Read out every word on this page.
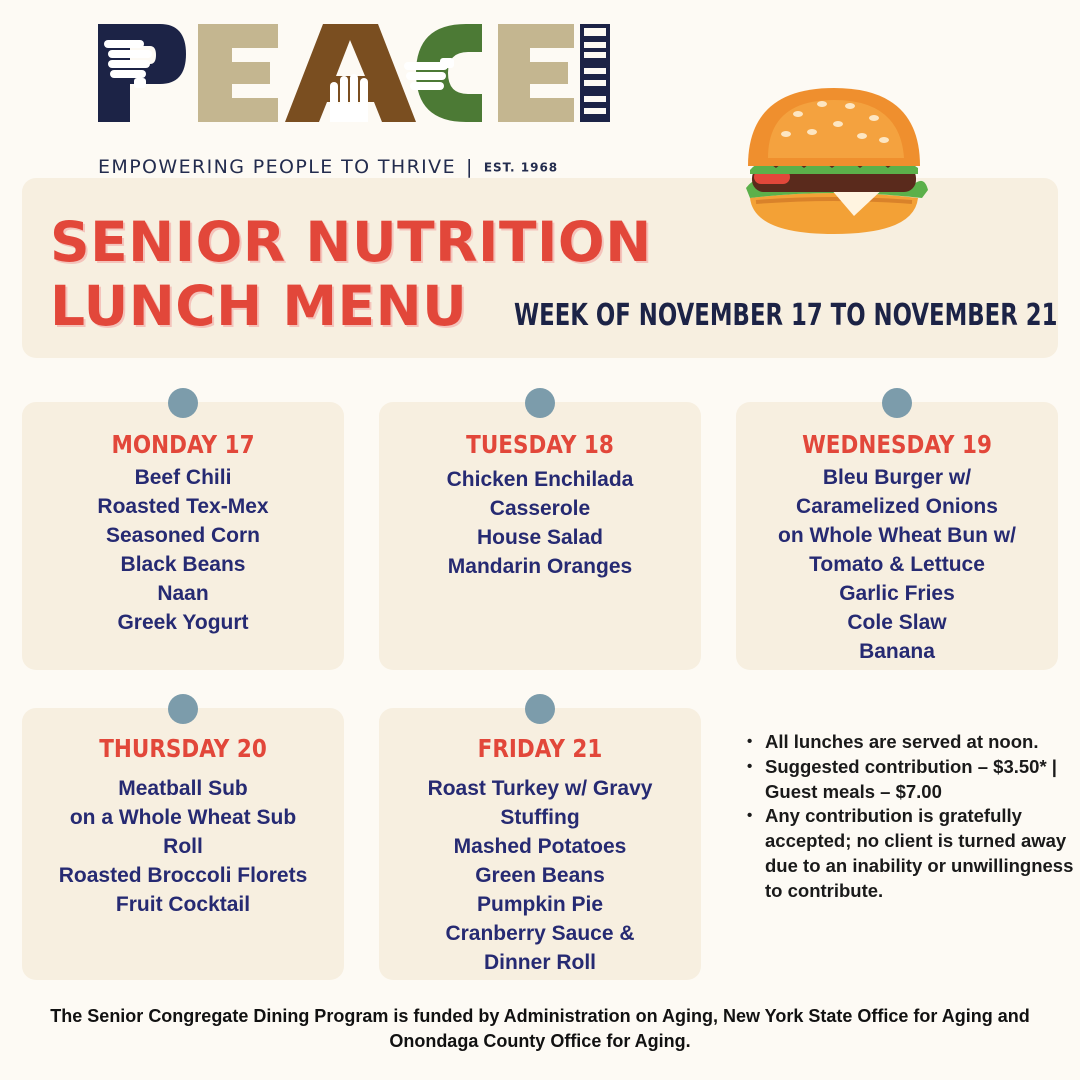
EMPOWERING PEOPLE TO THRIVE | EST. 1968
SENIOR NUTRITION
LUNCH MENU	WEEK OF NOVEMBER 17 TO NOVEMBER 21
MONDAY 17
Beef Chili
Roasted Tex-Mex
Seasoned Corn
Black Beans
Naan
Greek Yogurt
TUESDAY 18
Chicken Enchilada
Casserole
House Salad
Mandarin Oranges
WEDNESDAY 19
Bleu Burger w/
Caramelized Onions
on Whole Wheat Bun w/
Tomato & Lettuce
Garlic Fries
Cole Slaw
Banana
THURSDAY 20
Meatball Sub
on a Whole Wheat Sub
Roll
Roasted Broccoli Florets
Fruit Cocktail
FRIDAY 21
Roast Turkey w/ Gravy
Stuffing
Mashed Potatoes
Green Beans
Pumpkin Pie
Cranberry Sauce &
Dinner Roll
• All lunches are served at noon.
• Suggested contribution – $3.50* | Guest meals – $7.00
• Any contribution is gratefully accepted; no client is turned away due to an inability or unwillingness to contribute.

The Senior Congregate Dining Program is funded by Administration on Aging, New York State Office for Aging and Onondaga County Office for Aging.
